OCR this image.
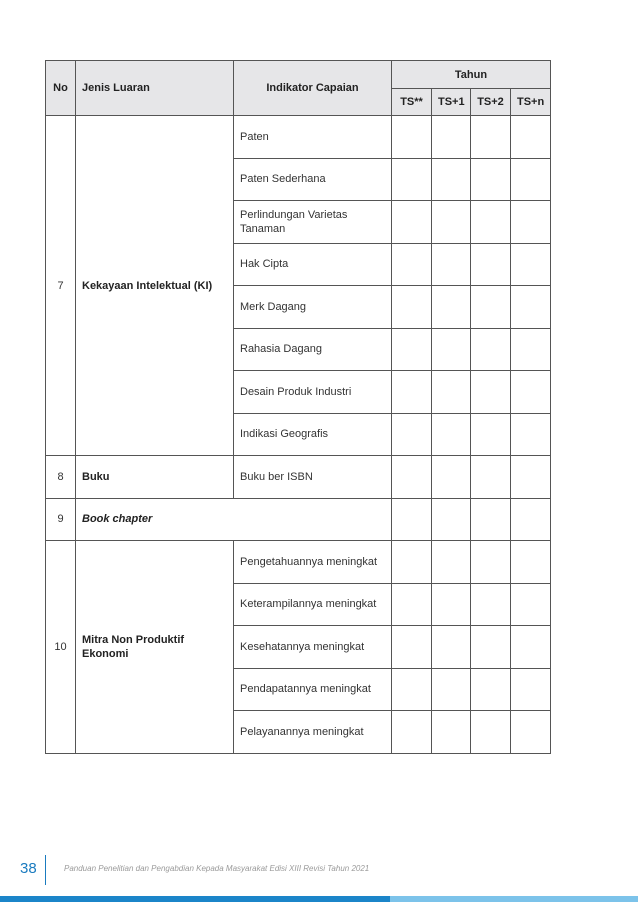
No	Jenis Luaran	Indikator Capaian	Tahun			
			TS**	TS+1	TS+2	TS+n
7	Kekayaan Intelektual (KI)	Paten				
		Paten Sederhana				
		Perlindungan Varietas Tanaman				
		Hak Cipta				
		Merk Dagang				
		Rahasia Dagang				
		Desain Produk Industri				
		Indikasi Geografis				
8	Buku	Buku ber ISBN				
9	Book chapter					
10	Mitra Non Produktif Ekonomi	Pengetahuannya meningkat				
		Keterampilannya meningkat				
		Kesehatannya meningkat				
		Pendapatannya meningkat				
		Pelayanannya meningkat				
38	Panduan Penelitian dan Pengabdian Kepada Masyarakat Edisi XIII Revisi Tahun 2021
